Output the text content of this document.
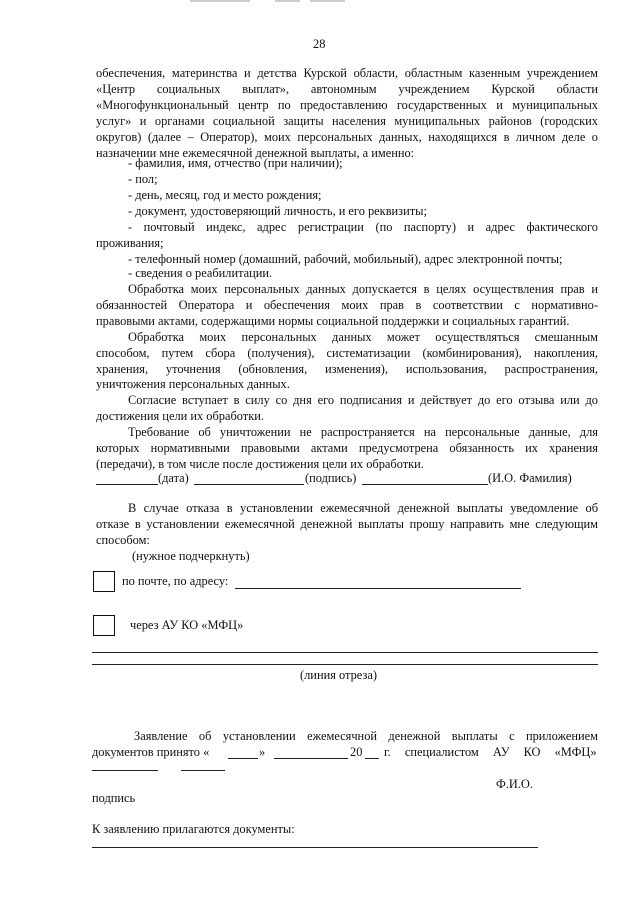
28
обеспечения, материнства и детства Курской области, областным казенным учреждением
«Центр социальных выплат», автономным учреждением Курской области
«Многофункциональный центр по предоставлению государственных и муниципальных
услуг» и органами социальной защиты населения муниципальных районов (городских
округов) (далее – Оператор), моих персональных данных, находящихся в личном деле о
назначении мне ежемесячной денежной выплаты, а именно:
- фамилия, имя, отчество (при наличии);
- пол;
- день, месяц, год и место рождения;
- документ, удостоверяющий личность, и его реквизиты;
- почтовый индекс, адрес регистрации (по паспорту) и адрес фактического
проживания;
- телефонный номер (домашний, рабочий, мобильный), адрес электронной почты;
- сведения о реабилитации.
Обработка моих персональных данных допускается в целях осуществления прав и
обязанностей Оператора и обеспечения моих прав в соответствии с нормативно-
правовыми актами, содержащими нормы социальной поддержки и социальных гарантий.
Обработка моих персональных данных может осуществляться смешанным
способом, путем сбора (получения), систематизации (комбинирования), накопления,
хранения, уточнения (обновления, изменения), использования, распространения,
уничтожения персональных данных.
Согласие вступает в силу со дня его подписания и действует до его отзыва или до
достижения цели их обработки.
Требование об уничтожении не распространяется на персональные данные, для
которых нормативными правовыми актами предусмотрена обязанность их хранения
(передачи), в том числе после достижения цели их обработки.
(дата)	(подпись)	(И.О. Фамилия)
В случае отказа в установлении ежемесячной денежной выплаты уведомление об
отказе в установлении ежемесячной денежной выплаты прошу направить мне следующим
способом:
(нужное подчеркнуть)
по почте, по адресу:
через АУ КО «МФЦ»
(линия отреза)
Заявление об установлении ежемесячной денежной выплаты с приложением
документов принято «	»	20 г. специалистом АУ КО «МФЦ»
Ф.И.О.
подпись
К заявлению прилагаются документы:
